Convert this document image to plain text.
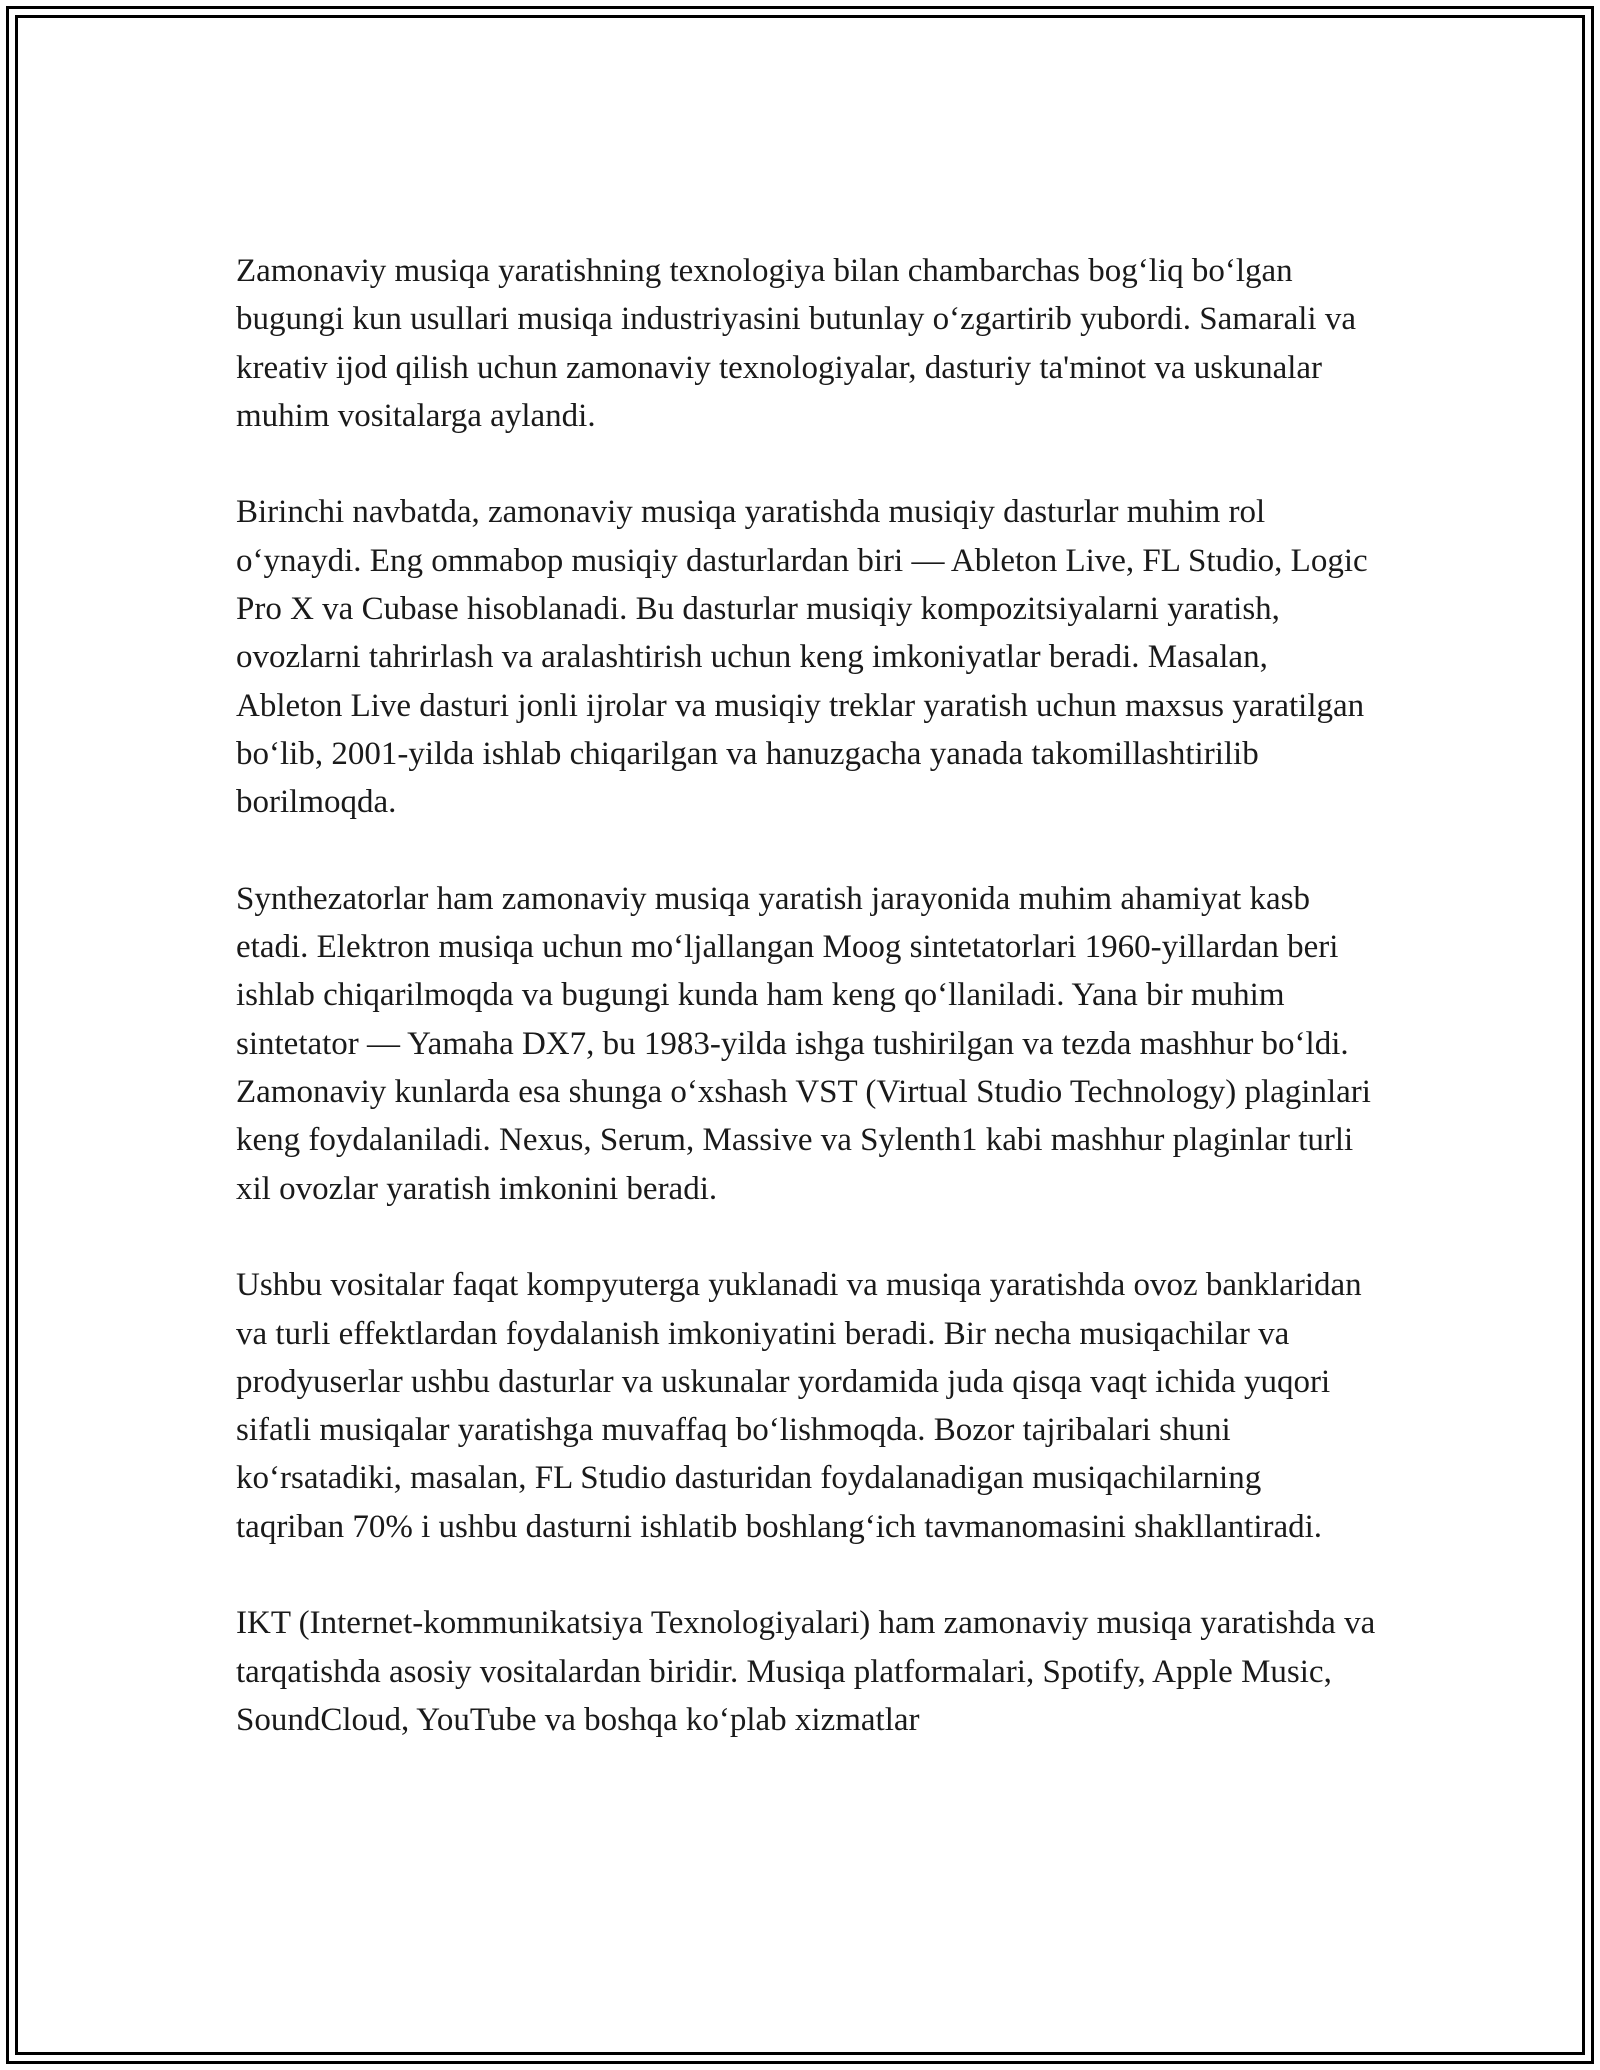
Zamonaviy musiqa yaratishning texnologiya bilan chambarchas bog‘liq bo‘lgan bugungi kun usullari musiqa industriyasini butunlay o‘zgartirib yubordi. Samarali va kreativ ijod qilish uchun zamonaviy texnologiyalar, dasturiy ta'minot va uskunalar muhim vositalarga aylandi.

Birinchi navbatda, zamonaviy musiqa yaratishda musiqiy dasturlar muhim rol o‘ynaydi. Eng ommabop musiqiy dasturlardan biri — Ableton Live, FL Studio, Logic Pro X va Cubase hisoblanadi. Bu dasturlar musiqiy kompozitsiyalarni yaratish, ovozlarni tahrirlash va aralashtirish uchun keng imkoniyatlar beradi. Masalan, Ableton Live dasturi jonli ijrolar va musiqiy treklar yaratish uchun maxsus yaratilgan bo‘lib, 2001-yilda ishlab chiqarilgan va hanuzgacha yanada takomillashtirilib borilmoqda.

Synthezatorlar ham zamonaviy musiqa yaratish jarayonida muhim ahamiyat kasb etadi. Elektron musiqa uchun mo‘ljallangan Moog sintetatorlari 1960-yillardan beri ishlab chiqarilmoqda va bugungi kunda ham keng qo‘llaniladi. Yana bir muhim sintetator — Yamaha DX7, bu 1983-yilda ishga tushirilgan va tezda mashhur bo‘ldi. Zamonaviy kunlarda esa shunga o‘xshash VST (Virtual Studio Technology) plaginlari keng foydalaniladi. Nexus, Serum, Massive va Sylenth1 kabi mashhur plaginlar turli xil ovozlar yaratish imkonini beradi.

Ushbu vositalar faqat kompyuterga yuklanadi va musiqa yaratishda ovoz banklaridan va turli effektlardan foydalanish imkoniyatini beradi. Bir necha musiqachilar va prodyuserlar ushbu dasturlar va uskunalar yordamida juda qisqa vaqt ichida yuqori sifatli musiqalar yaratishga muvaffaq bo‘lishmoqda. Bozor tajribalari shuni ko‘rsatadiki, masalan, FL Studio dasturidan foydalanadigan musiqachilarning taqriban 70% i ushbu dasturni ishlatib boshlang‘ich tavmanomasini shakllantiradi.

IKT (Internet-kommunikatsiya Texnologiyalari) ham zamonaviy musiqa yaratishda va tarqatishda asosiy vositalardan biridir. Musiqa platformalari, Spotify, Apple Music, SoundCloud, YouTube va boshqa ko‘plab xizmatlar
